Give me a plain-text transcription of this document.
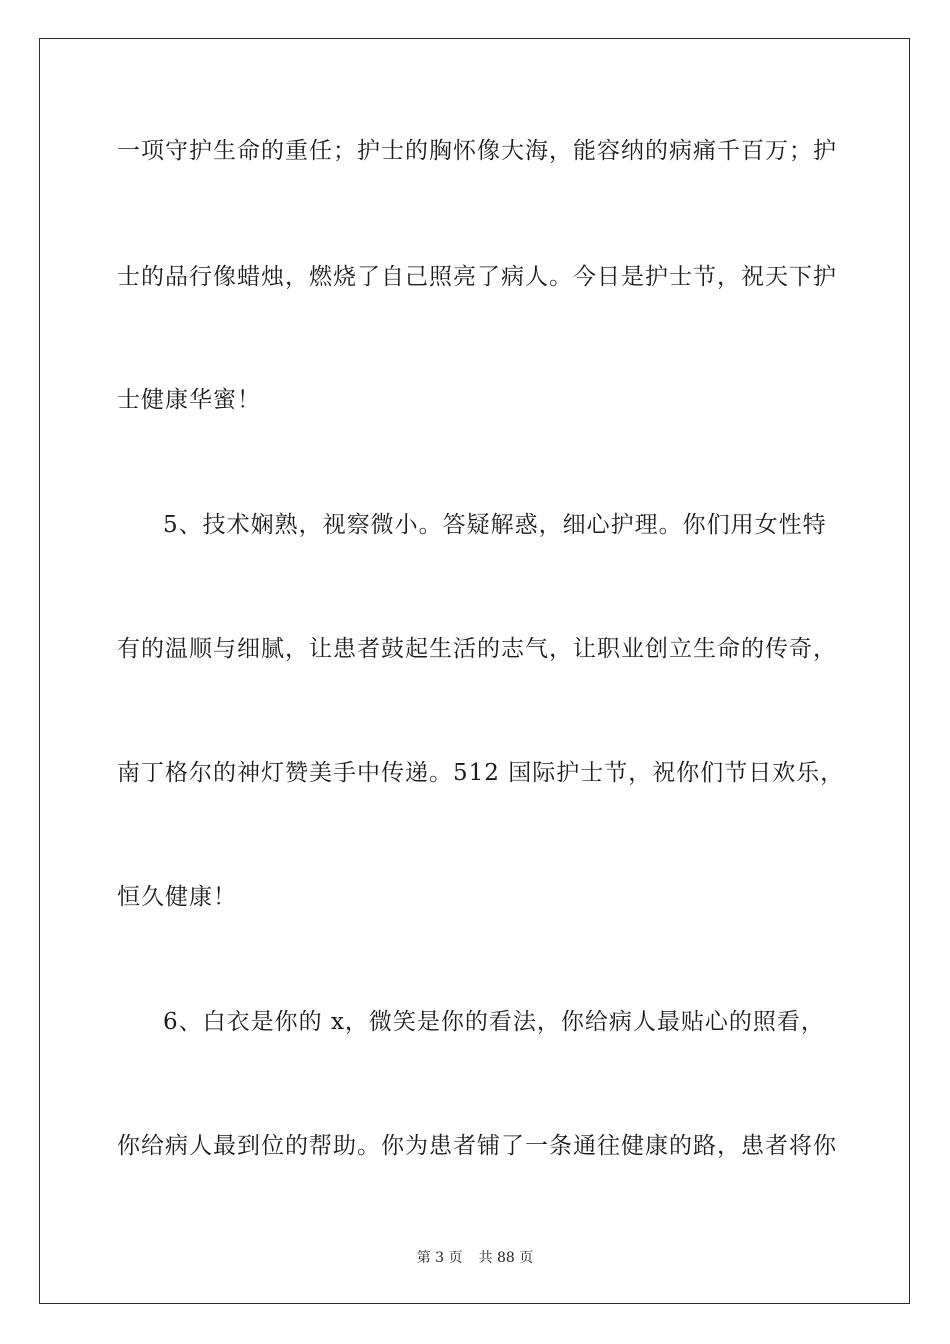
一项守护生命的重任；护士的胸怀像大海，能容纳的病痛千百万；护
士的品行像蜡烛，燃烧了自己照亮了病人。今日是护士节，祝天下护
士健康华蜜！
5、技术娴熟，视察微小。答疑解惑，细心护理。你们用女性特
有的温顺与细腻，让患者鼓起生活的志气，让职业创立生命的传奇，
南丁格尔的神灯赞美手中传递。512 国际护士节，祝你们节日欢乐，
恒久健康！
6、白衣是你的 x，微笑是你的看法，你给病人最贴心的照看，
你给病人最到位的帮助。你为患者铺了一条通往健康的路，患者将你
第 3 页 共 88 页
